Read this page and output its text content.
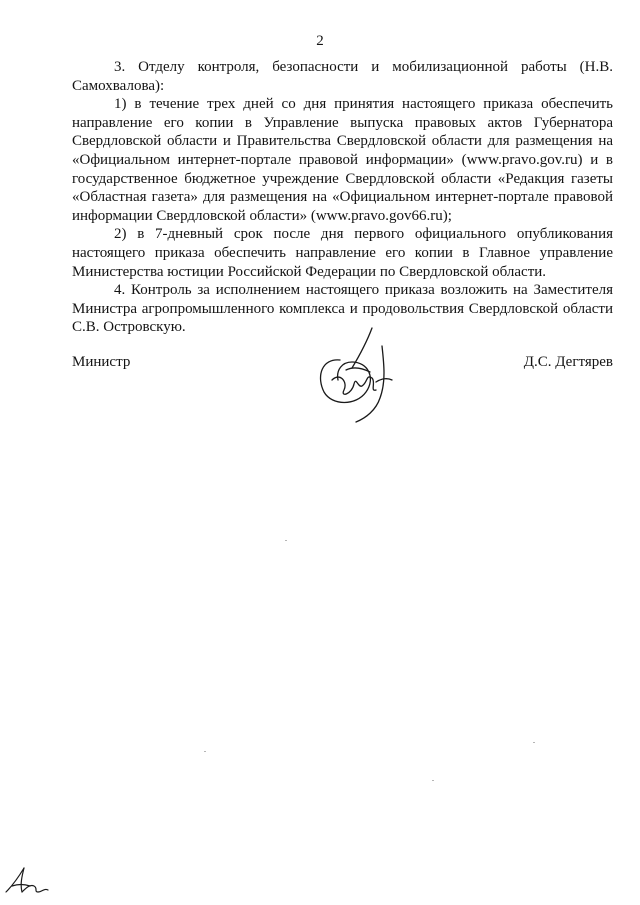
2

3. Отделу контроля, безопасности и мобилизационной работы (Н.В. Самохвалова):

1) в течение трех дней со дня принятия настоящего приказа обеспечить направление его копии в Управление выпуска правовых актов Губернатора Свердловской области и Правительства Свердловской области для размещения на «Официальном интернет-портале правовой информации» (www.pravo.gov.ru) и в государственное бюджетное учреждение Свердловской области «Редакция газеты «Областная газета» для размещения на «Официальном интернет-портале правовой информации Свердловской области» (www.pravo.gov66.ru);

2) в 7-дневный срок после дня первого официального опубликования настоящего приказа обеспечить направление его копии в Главное управление Министерства юстиции Российской Федерации по Свердловской области.

4. Контроль за исполнением настоящего приказа возложить на Заместителя Министра агропромышленного комплекса и продовольствия Свердловской области С.В. Островскую.

Министр	Д.С. Дегтярев
